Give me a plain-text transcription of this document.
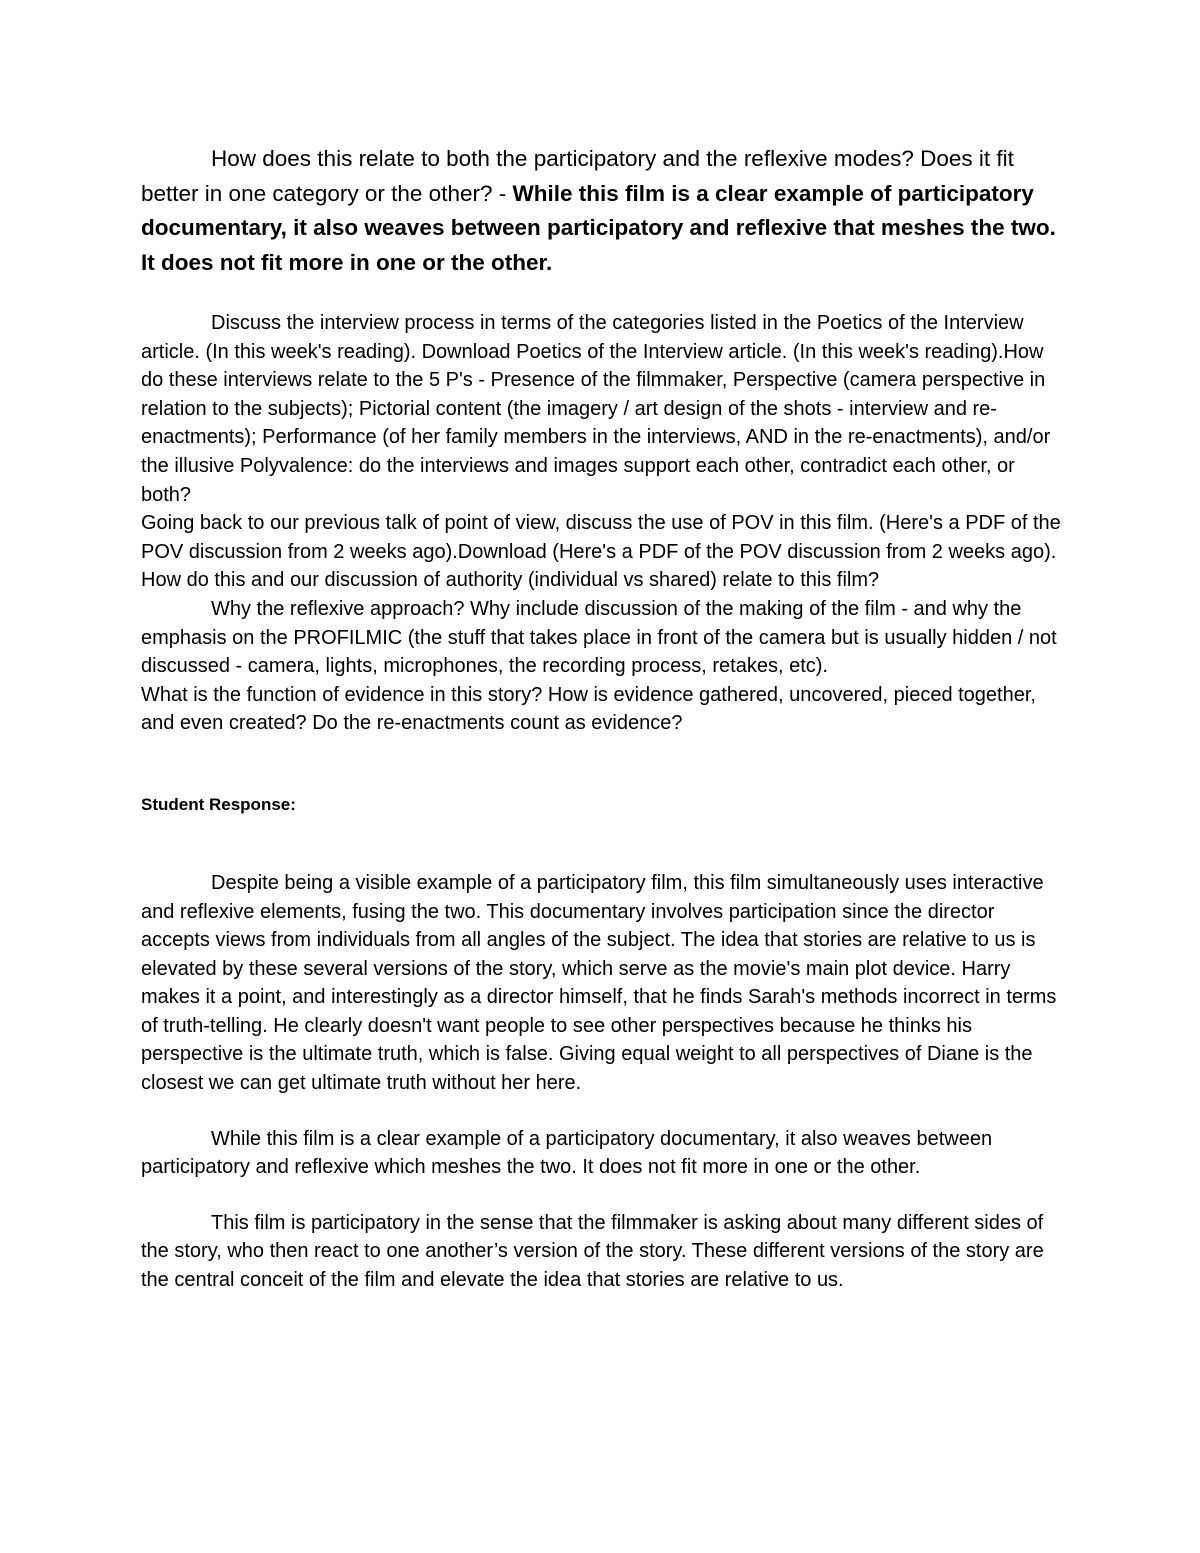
How does this relate to both the participatory and the reflexive modes? Does it fit better in one category or the other? - While this film is a clear example of participatory documentary, it also weaves between participatory and reflexive that meshes the two. It does not fit more in one or the other.

Discuss the interview process in terms of the categories listed in the Poetics of the Interview article. (In this week's reading). Download Poetics of the Interview article. (In this week's reading).How do these interviews relate to the 5 P's - Presence of the filmmaker, Perspective (camera perspective in relation to the subjects); Pictorial content (the imagery / art design of the shots - interview and re-enactments); Performance (of her family members in the interviews, AND in the re-enactments), and/or the illusive Polyvalence: do the interviews and images support each other, contradict each other, or both?

Going back to our previous talk of point of view, discuss the use of POV in this film. (Here's a PDF of the POV discussion from 2 weeks ago).Download (Here's a PDF of the POV discussion from 2 weeks ago). How do this and our discussion of authority (individual vs shared) relate to this film?

Why the reflexive approach? Why include discussion of the making of the film - and why the emphasis on the PROFILMIC (the stuff that takes place in front of the camera but is usually hidden / not discussed - camera, lights, microphones, the recording process, retakes, etc).

What is the function of evidence in this story? How is evidence gathered, uncovered, pieced together, and even created? Do the re-enactments count as evidence?

Student Response:

Despite being a visible example of a participatory film, this film simultaneously uses interactive and reflexive elements, fusing the two. This documentary involves participation since the director accepts views from individuals from all angles of the subject. The idea that stories are relative to us is elevated by these several versions of the story, which serve as the movie's main plot device. Harry makes it a point, and interestingly as a director himself, that he finds Sarah's methods incorrect in terms of truth-telling. He clearly doesn't want people to see other perspectives because he thinks his perspective is the ultimate truth, which is false. Giving equal weight to all perspectives of Diane is the closest we can get ultimate truth without her here.

While this film is a clear example of a participatory documentary, it also weaves between participatory and reflexive which meshes the two. It does not fit more in one or the other.

This film is participatory in the sense that the filmmaker is asking about many different sides of the story, who then react to one another’s version of the story. These different versions of the story are the central conceit of the film and elevate the idea that stories are relative to us.
